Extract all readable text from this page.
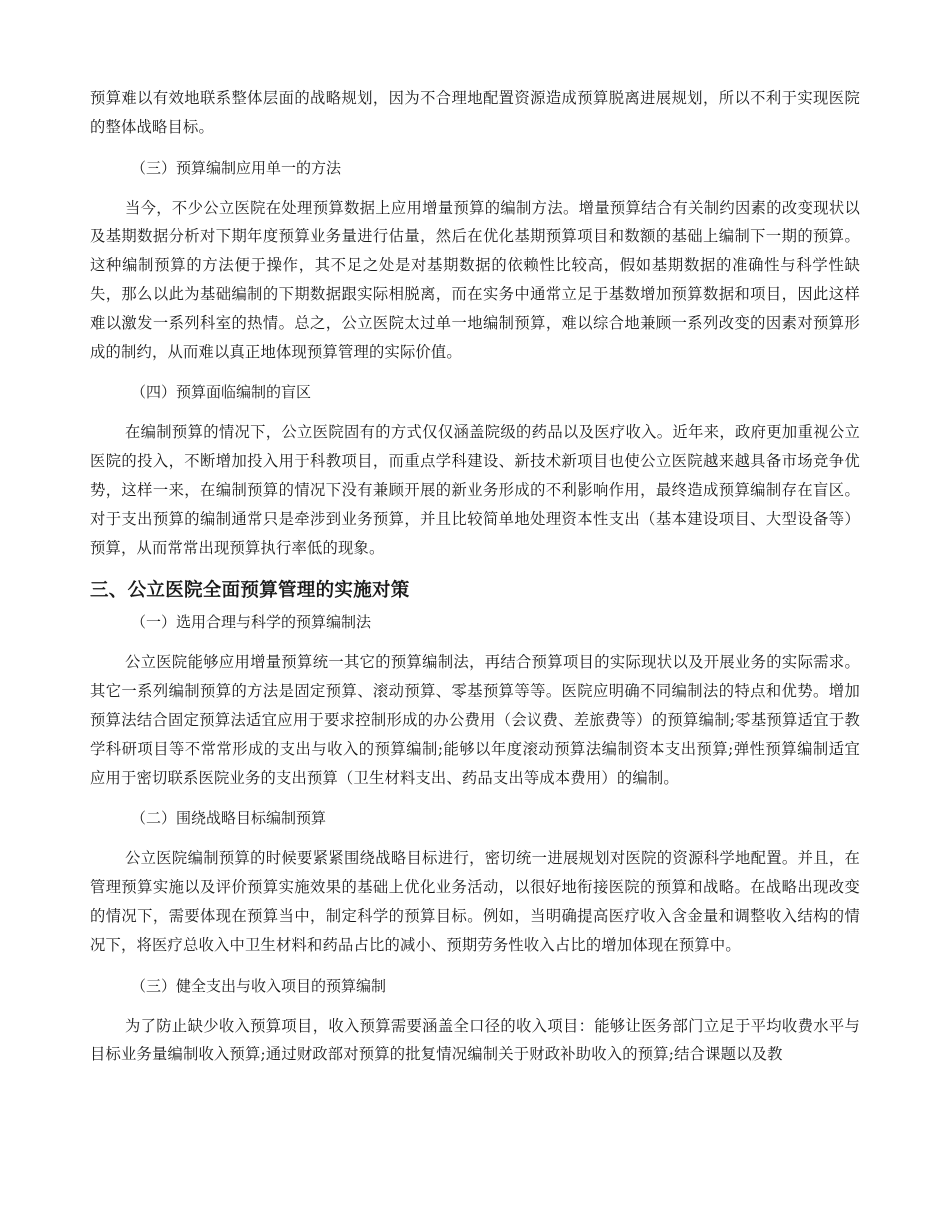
预算难以有效地联系整体层面的战略规划，因为不合理地配置资源造成预算脱离进展规划，所以不利于实现医院的整体战略目标。

（三）预算编制应用单一的方法

当今，不少公立医院在处理预算数据上应用增量预算的编制方法。增量预算结合有关制约因素的改变现状以及基期数据分析对下期年度预算业务量进行估量，然后在优化基期预算项目和数额的基础上编制下一期的预算。这种编制预算的方法便于操作，其不足之处是对基期数据的依赖性比较高，假如基期数据的准确性与科学性缺失，那么以此为基础编制的下期数据跟实际相脱离，而在实务中通常立足于基数增加预算数据和项目，因此这样难以激发一系列科室的热情。总之，公立医院太过单一地编制预算，难以综合地兼顾一系列改变的因素对预算形成的制约，从而难以真正地体现预算管理的实际价值。

（四）预算面临编制的盲区

在编制预算的情况下，公立医院固有的方式仅仅涵盖院级的药品以及医疗收入。近年来，政府更加重视公立医院的投入，不断增加投入用于科教项目，而重点学科建设、新技术新项目也使公立医院越来越具备市场竞争优势，这样一来，在编制预算的情况下没有兼顾开展的新业务形成的不利影响作用，最终造成预算编制存在盲区。对于支出预算的编制通常只是牵涉到业务预算，并且比较简单地处理资本性支出（基本建设项目、大型设备等）预算，从而常常出现预算执行率低的现象。

三、公立医院全面预算管理的实施对策

（一）选用合理与科学的预算编制法

公立医院能够应用增量预算统一其它的预算编制法，再结合预算项目的实际现状以及开展业务的实际需求。其它一系列编制预算的方法是固定预算、滚动预算、零基预算等等。医院应明确不同编制法的特点和优势。增加预算法结合固定预算法适宜应用于要求控制形成的办公费用（会议费、差旅费等）的预算编制;零基预算适宜于教学科研项目等不常常形成的支出与收入的预算编制;能够以年度滚动预算法编制资本支出预算;弹性预算编制适宜应用于密切联系医院业务的支出预算（卫生材料支出、药品支出等成本费用）的编制。

（二）围绕战略目标编制预算

公立医院编制预算的时候要紧紧围绕战略目标进行，密切统一进展规划对医院的资源科学地配置。并且，在管理预算实施以及评价预算实施效果的基础上优化业务活动，以很好地衔接医院的预算和战略。在战略出现改变的情况下，需要体现在预算当中，制定科学的预算目标。例如，当明确提高医疗收入含金量和调整收入结构的情况下，将医疗总收入中卫生材料和药品占比的减小、预期劳务性收入占比的增加体现在预算中。

（三）健全支出与收入项目的预算编制

为了防止缺少收入预算项目，收入预算需要涵盖全口径的收入项目：能够让医务部门立足于平均收费水平与目标业务量编制收入预算;通过财政部对预算的批复情况编制关于财政补助收入的预算;结合课题以及教
